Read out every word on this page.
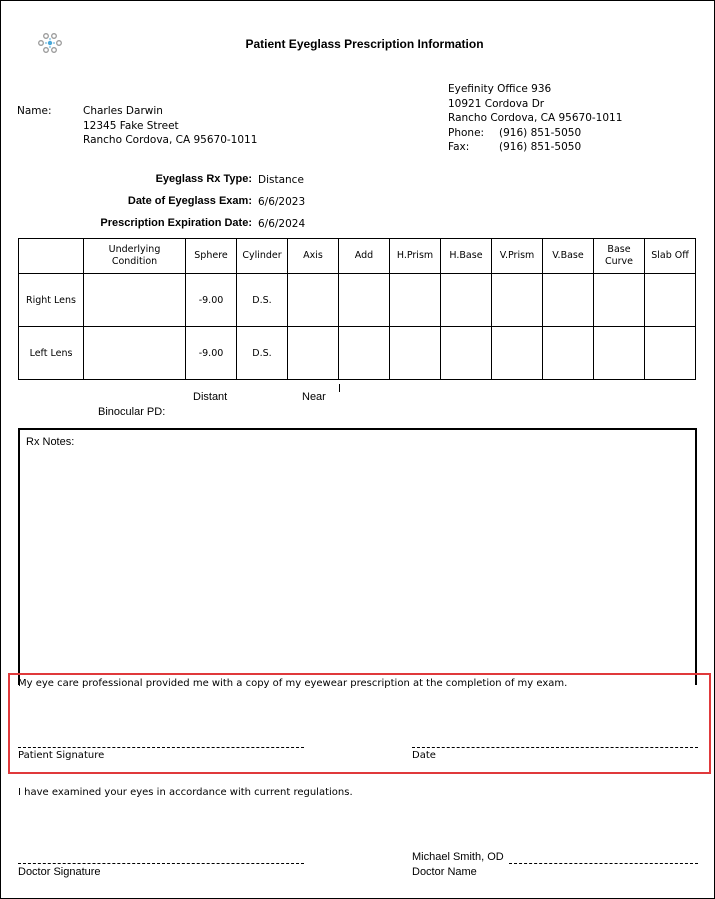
Patient Eyeglass Prescription Information
Name:	Charles Darwin
12345 Fake Street
Rancho Cordova, CA 95670-1011
Eyefinity Office 936
10921 Cordova Dr
Rancho Cordova, CA 95670-1011
Phone: (916) 851-5050
Fax:	(916) 851-5050
Eyeglass Rx Type: Distance
Date of Eyeglass Exam: 6/6/2023
Prescription Expiration Date: 6/6/2024
	Underlying Condition	Sphere	Cylinder	Axis	Add	H.Prism	H.Base	V.Prism	V.Base	Base Curve	Slab Off
Right Lens		-9.00	D.S.								
Left Lens		-9.00	D.S.								
Distant	Near
Binocular PD:
Rx Notes:
My eye care professional provided me with a copy of my eyewear prescription at the completion of my exam.
Patient Signature	Date
I have examined your eyes in accordance with current regulations.
Doctor Signature
Michael Smith, OD
Doctor Name
